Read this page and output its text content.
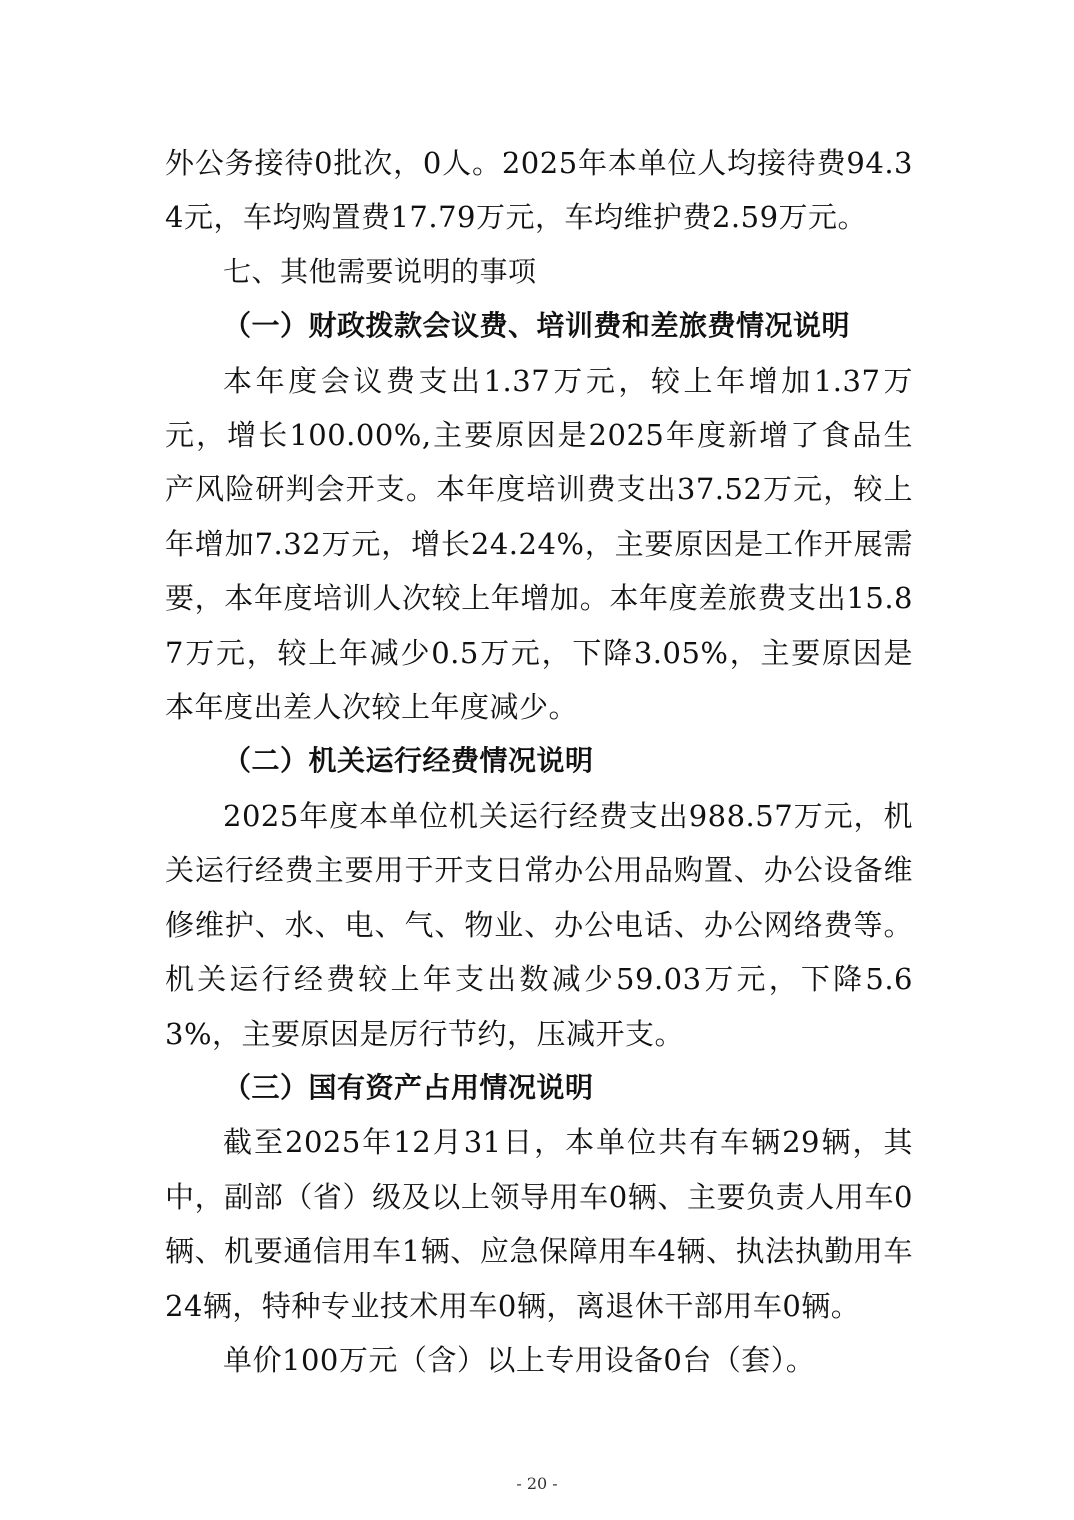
外公务接待0批次，0人。2025年本单位人均接待费94.34元，车均购置费17.79万元，车均维护费2.59万元。

七、其他需要说明的事项

（一）财政拨款会议费、培训费和差旅费情况说明

本年度会议费支出1.37万元，较上年增加1.37万元，增长100.00%,主要原因是2025年度新增了食品生产风险研判会开支。本年度培训费支出37.52万元，较上年增加7.32万元，增长24.24%，主要原因是工作开展需要，本年度培训人次较上年增加。本年度差旅费支出15.87万元，较上年减少0.5万元，下降3.05%，主要原因是本年度出差人次较上年度减少。

（二）机关运行经费情况说明

2025年度本单位机关运行经费支出988.57万元，机关运行经费主要用于开支日常办公用品购置、办公设备维修维护、水、电、气、物业、办公电话、办公网络费等。机关运行经费较上年支出数减少59.03万元，下降5.63%，主要原因是厉行节约，压减开支。

（三）国有资产占用情况说明

截至2025年12月31日，本单位共有车辆29辆，其中，副部（省）级及以上领导用车0辆、主要负责人用车0辆、机要通信用车1辆、应急保障用车4辆、执法执勤用车24辆，特种专业技术用车0辆，离退休干部用车0辆。

单价100万元（含）以上专用设备0台（套）。

- 20 -
